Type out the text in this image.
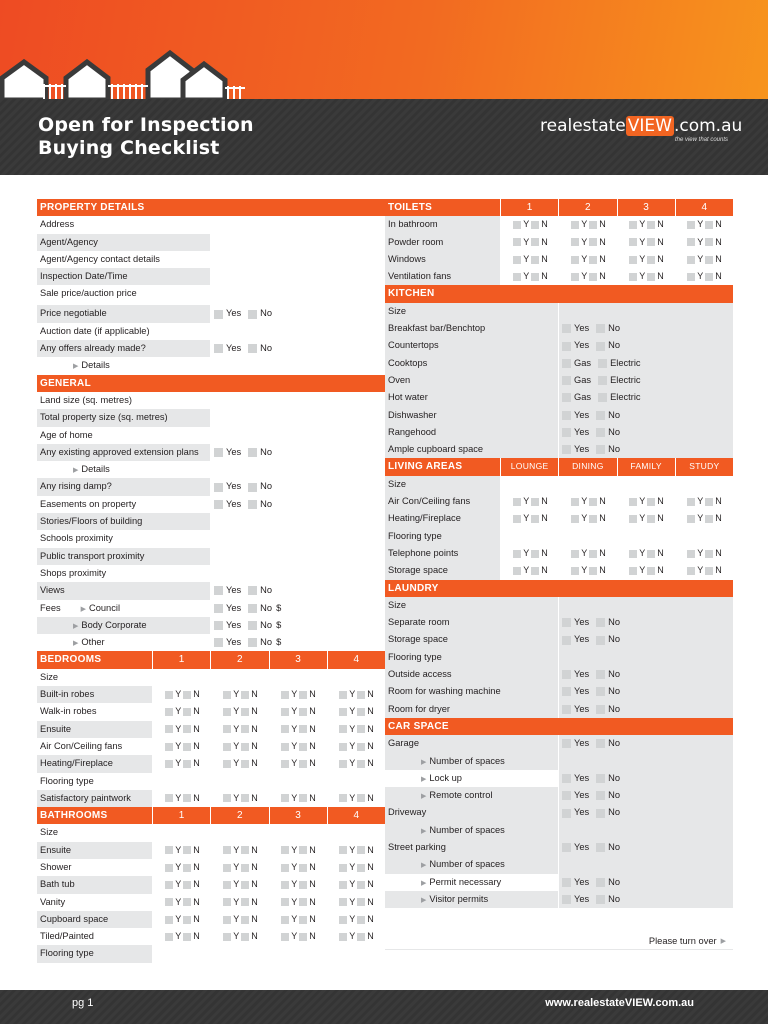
Open for Inspection
Buying Checklist
realestate VIEW .com.au
the view that counts
PROPERTY DETAILS
Address
Agent/Agency
Agent/Agency contact details
Inspection Date/Time
Sale price/auction price
Price negotiable	Yes No
Auction date (if applicable)
Any offers already made?	Yes No
▶ Details
GENERAL
Land size (sq. metres)
Total property size (sq. metres)
Age of home
Any existing approved extension plans	Yes No
▶ Details
Any rising damp?	Yes No
Easements on property	Yes No
Stories/Floors of building
Schools proximity
Public transport proximity
Shops proximity
Views	Yes No
Fees	▶ Council	Yes No $
▶ Body Corporate	Yes No $
▶ Other	Yes No $
BEDROOMS	1	2	3	4
Size
Built-in robes	Y N	Y N	Y N	Y N
Walk-in robes	Y N	Y N	Y N	Y N
Ensuite	Y N	Y N	Y N	Y N
Air Con/Ceiling fans	Y N	Y N	Y N	Y N
Heating/Fireplace	Y N	Y N	Y N	Y N
Flooring type
Satisfactory paintwork	Y N	Y N	Y N	Y N
BATHROOMS	1	2	3	4
Size
Ensuite	Y N	Y N	Y N	Y N
Shower	Y N	Y N	Y N	Y N
Bath tub	Y N	Y N	Y N	Y N
Vanity	Y N	Y N	Y N	Y N
Cupboard space	Y N	Y N	Y N	Y N
Tiled/Painted	Y N	Y N	Y N	Y N
Flooring type
TOILETS	1	2	3	4
In bathroom	Y N	Y N	Y N	Y N
Powder room	Y N	Y N	Y N	Y N
Windows	Y N	Y N	Y N	Y N
Ventilation fans	Y N	Y N	Y N	Y N
KITCHEN
Size
Breakfast bar/Benchtop	Yes No
Countertops	Yes No
Cooktops	Gas Electric
Oven	Gas Electric
Hot water	Gas Electric
Dishwasher	Yes No
Rangehood	Yes No
Ample cupboard space	Yes No
LIVING AREAS	LOUNGE	DINING	FAMILY	STUDY
Size
Air Con/Ceiling fans	Y N	Y N	Y N	Y N
Heating/Fireplace	Y N	Y N	Y N	Y N
Flooring type
Telephone points	Y N	Y N	Y N	Y N
Storage space	Y N	Y N	Y N	Y N
LAUNDRY
Size
Separate room	Yes No
Storage space	Yes No
Flooring type
Outside access	Yes No
Room for washing machine	Yes No
Room for dryer	Yes No
CAR SPACE
Garage	Yes No
▶ Number of spaces
▶ Lock up	Yes No
▶ Remote control	Yes No
Driveway	Yes No
▶ Number of spaces
Street parking	Yes No
▶ Number of spaces
▶ Permit necessary	Yes No
▶ Visitor permits	Yes No
Please turn over ▶
pg 1	www.realestateVIEW.com.au
